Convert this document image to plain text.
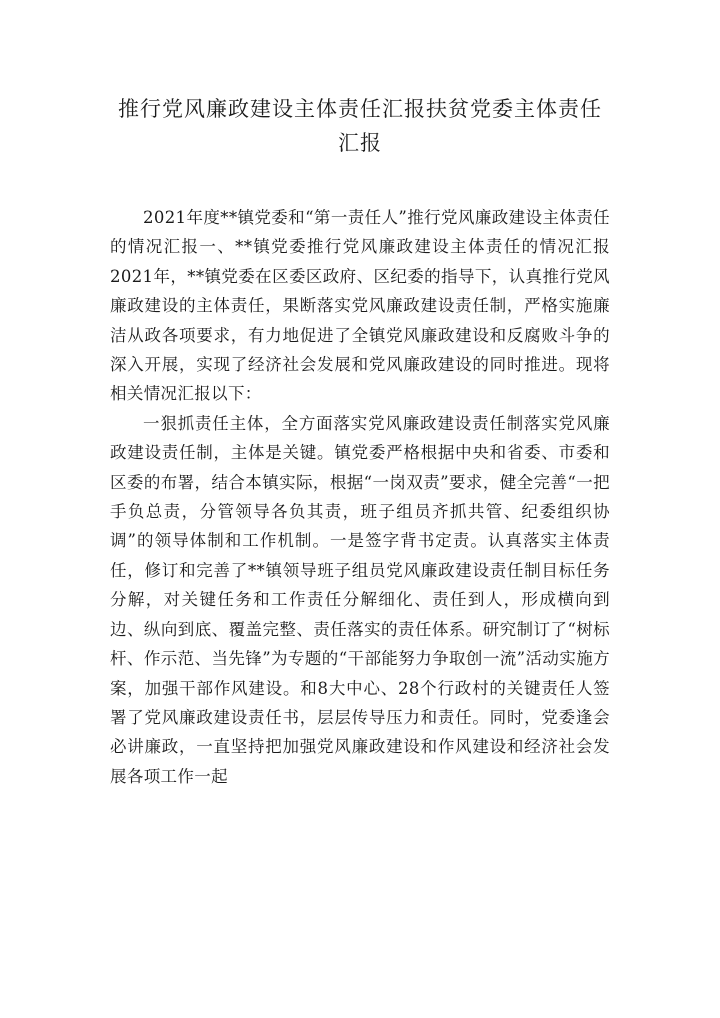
推行党风廉政建设主体责任汇报扶贫党委主体责任
汇报

2021年度**镇党委和“第一责任人”推行党风廉政建设主体责任的情况汇报一、**镇党委推行党风廉政建设主体责任的情况汇报2021年，**镇党委在区委区政府、区纪委的指导下，认真推行党风廉政建设的主体责任，果断落实党风廉政建设责任制，严格实施廉洁从政各项要求，有力地促进了全镇党风廉政建设和反腐败斗争的深入开展，实现了经济社会发展和党风廉政建设的同时推进。现将相关情况汇报以下：

一狠抓责任主体，全方面落实党风廉政建设责任制落实党风廉政建设责任制，主体是关键。镇党委严格根据中央和省委、市委和区委的布署，结合本镇实际，根据“一岗双责”要求，健全完善“一把手负总责，分管领导各负其责，班子组员齐抓共管、纪委组织协调”的领导体制和工作机制。一是签字背书定责。认真落实主体责任，修订和完善了**镇领导班子组员党风廉政建设责任制目标任务分解，对关键任务和工作责任分解细化、责任到人，形成横向到边、纵向到底、覆盖完整、责任落实的责任体系。研究制订了“树标杆、作示范、当先锋”为专题的“干部能努力争取创一流”活动实施方案，加强干部作风建设。和8大中心、28个行政村的关键责任人签署了党风廉政建设责任书，层层传导压力和责任。同时，党委逢会必讲廉政，一直坚持把加强党风廉政建设和作风建设和经济社会发展各项工作一起
